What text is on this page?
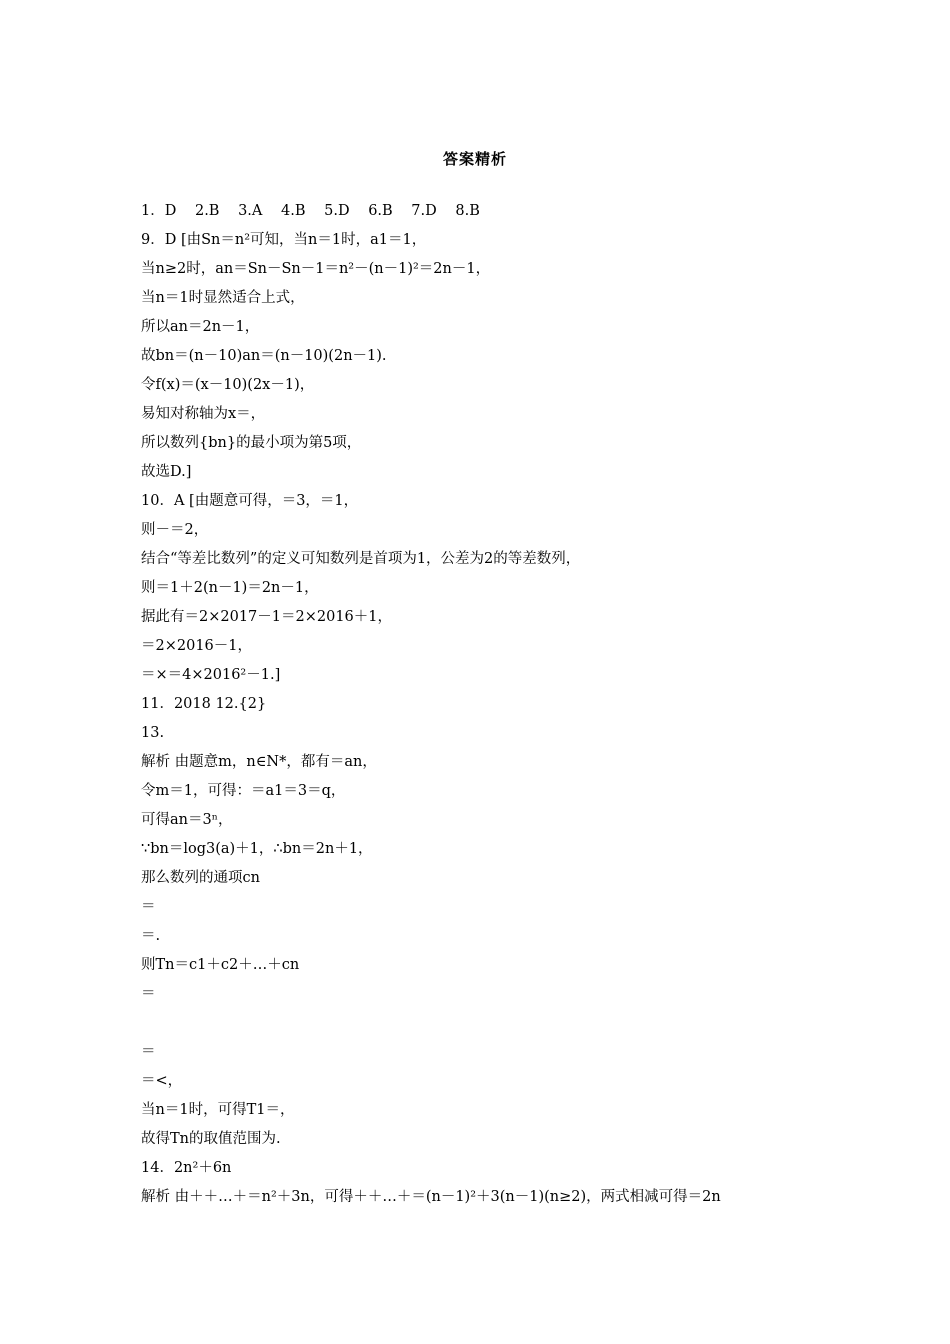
答案精析
1．D 2.B 3.A 4.B 5.D 6.B 7.D 8.B
9．D [由Sn＝n²可知，当n＝1时，a1＝1，
当n≥2时，an＝Sn－Sn－1＝n²－(n－1)²＝2n－1，
当n＝1时显然适合上式，
所以an＝2n－1，
故bn＝(n－10)an＝(n－10)(2n－1).
令f(x)＝(x－10)(2x－1)，
易知对称轴为x＝，
所以数列{bn}的最小项为第5项，
故选D.]
10．A [由题意可得，＝3，＝1，
则－＝2，
结合“等差比数列”的定义可知数列是首项为1，公差为2的等差数列，
则＝1＋2(n－1)＝2n－1，
据此有＝2×2017－1＝2×2016＋1，
＝2×2016－1，
＝×＝4×2016²－1.]
11．2018 12.{2}
13.
解析 由题意m，n∈N*，都有＝an，
令m＝1，可得：＝a1＝3＝q，
可得an＝3ⁿ，
∵bn＝log3(a)＋1，∴bn＝2n＋1，
那么数列的通项cn
＝
＝.
则Tn＝c1＋c2＋…＋cn
＝
＝
＝<，
当n＝1时，可得T1＝，
故得Tn的取值范围为.
14．2n²＋6n
解析 由＋＋…＋＝n²＋3n，可得＋＋…＋＝(n－1)²＋3(n－1)(n≥2)，两式相减可得＝2n
